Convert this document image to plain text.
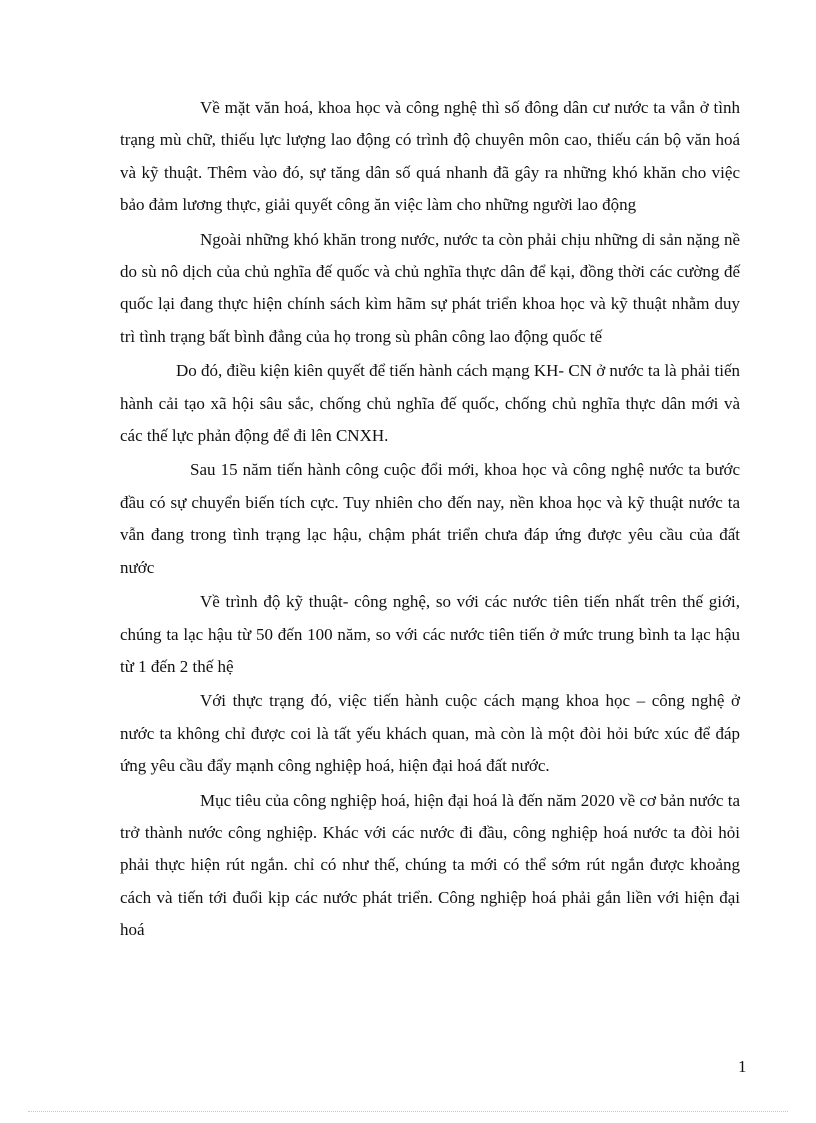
Về mặt văn hoá, khoa học và công nghệ thì số đông dân cư nước ta vẫn ở tình trạng mù chữ, thiếu lực lượng lao động có trình độ chuyên môn cao, thiếu cán bộ văn hoá và kỹ thuật. Thêm vào đó, sự tăng dân số quá nhanh đã gây ra những khó khăn cho việc bảo đảm lương thực, giải quyết công ăn việc làm cho những người lao động

Ngoài những khó khăn trong nước, nước ta còn phải chịu những di sản nặng nề do sù nô dịch của chủ nghĩa đế quốc và chủ nghĩa thực dân để kại, đồng thời các cường đế quốc lại đang thực hiện chính sách kìm hãm sự phát triển khoa học và kỹ thuật nhằm duy trì tình trạng bất bình đẳng của họ trong sù phân công lao động quốc tế

Do đó, điều kiện kiên quyết để tiến hành cách mạng KH- CN ở nước ta là phải tiến hành cải tạo xã hội sâu sắc, chống chủ nghĩa đế quốc, chống chủ nghĩa thực dân mới và các thế lực phản động để đi lên CNXH.

Sau 15 năm tiến hành công cuộc đổi mới, khoa học và công nghệ nước ta bước đầu có sự chuyển biến tích cực. Tuy nhiên cho đến nay, nền khoa học và kỹ thuật nước ta vẫn đang trong tình trạng lạc hậu, chậm phát triển chưa đáp ứng được yêu cầu của đất nước

Về trình độ kỹ thuật- công nghệ, so với các nước tiên tiến nhất trên thế giới, chúng ta lạc hậu từ 50 đến 100 năm, so với các nước tiên tiến ở mức trung bình ta lạc hậu từ 1 đến 2 thế hệ

Với thực trạng đó, việc tiến hành cuộc cách mạng khoa học – công nghệ ở nước ta không chỉ được coi là tất yếu khách quan, mà còn là một đòi hỏi bức xúc để đáp ứng yêu cầu đẩy mạnh công nghiệp hoá, hiện đại hoá đất nước.

Mục tiêu của công nghiệp hoá, hiện đại hoá là đến năm 2020 về cơ bản nước ta trở thành nước công nghiệp. Khác với các nước đi đầu, công nghiệp hoá nước ta đòi hỏi phải thực hiện rút ngắn. chỉ có như thế, chúng ta mới có thể sớm rút ngắn được khoảng cách và tiến tới đuổi kịp các nước phát triển. Công nghiệp hoá phải gắn liền với hiện đại hoá

1
